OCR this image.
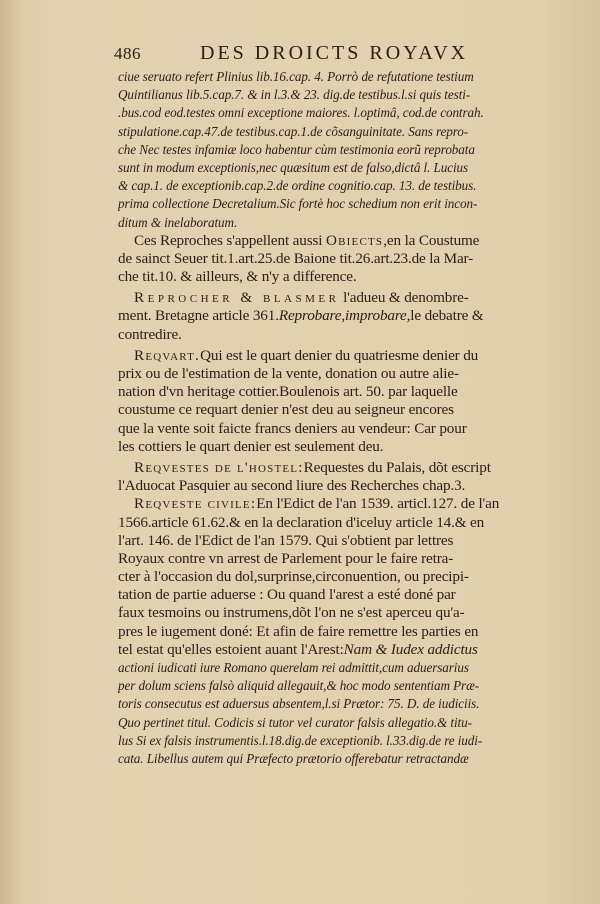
486	DES DROICTS ROYAVX
ciue seruato refert Plinius lib.16.cap. 4. Porrò de refutatione testium
Quintilianus lib.5.cap.7. & in l.3.& 23. dig.de testibus.l.si quis testi-
.bus.cod eod.testes omni exceptione maiores. l.optimâ, cod.de contrah.
stipulatione.cap.47.de testibus.cap.1.de cõsanguinitate. Sans repro-
che Nec testes infamiæ loco habentur cùm testimonia eorũ reprobata
sunt in modum exceptionis,nec quæsitum est de falso,dictâ l. Lucius
& cap.1. de exceptionib.cap.2.de ordine cognitio.cap. 13. de testibus.
prima collectione Decretalium.Sic fortè hoc schedium non erit incon-
ditum & inelaboratum.
Ces Reproches s'appellent aussi Obiects,en la Coustume
de sainct Seuer tit.1.art.25.de Baione tit.26.art.23.de la Mar-
che tit.10. & ailleurs, & n'y a difference.
Reprocher & blasmer l'adueu & denombre-
ment. Bretagne article 361.Reprobare,improbare,le debatre &
contredire.
Reqvart.Qui est le quart denier du quatriesme denier du
prix ou de l'estimation de la vente, donation ou autre alie-
nation d'vn heritage cottier.Boulenois art. 50. par laquelle
coustume ce requart denier n'est deu au seigneur encores
que la vente soit faicte francs deniers au vendeur: Car pour
les cottiers le quart denier est seulement deu.
Reqvestes de l'hostel:Requestes du Palais, dõt escript
l'Aduocat Pasquier au second liure des Recherches chap.3.
Reqveste civile:En l'Edict de l'an 1539. articl.127. de l'an
1566.article 61.62.& en la declaration d'iceluy article 14.& en
l'art. 146. de l'Edict de l'an 1579. Qui s'obtient par lettres
Royaux contre vn arrest de Parlement pour le faire retra-
cter à l'occasion du dol,surprinse,circonuention, ou precipi-
tation de partie aduerse : Ou quand l'arest a esté doné par
faux tesmoins ou instrumens,dõt l'on ne s'est aperceu qu'a-
pres le iugement doné: Et afin de faire remettre les parties en
tel estat qu'elles estoient auant l'Arest:Nam & Iudex addictus
actioni iudicati iure Romano querelam rei admittit,cum aduersarius
per dolum sciens falsò aliquid allegauit,& hoc modo sententiam Præ-
toris consecutus est aduersus absentem,l.si Prætor: 75. D. de iudiciis.
Quo pertinet titul. Codicis si tutor vel curator falsis allegatio.& titu-
lus Si ex falsis instrumentis.l.18.dig.de exceptionib. l.33.dig.de re iudi-
cata. Libellus autem qui Præfecto prætorio offerebatur retractandæ
